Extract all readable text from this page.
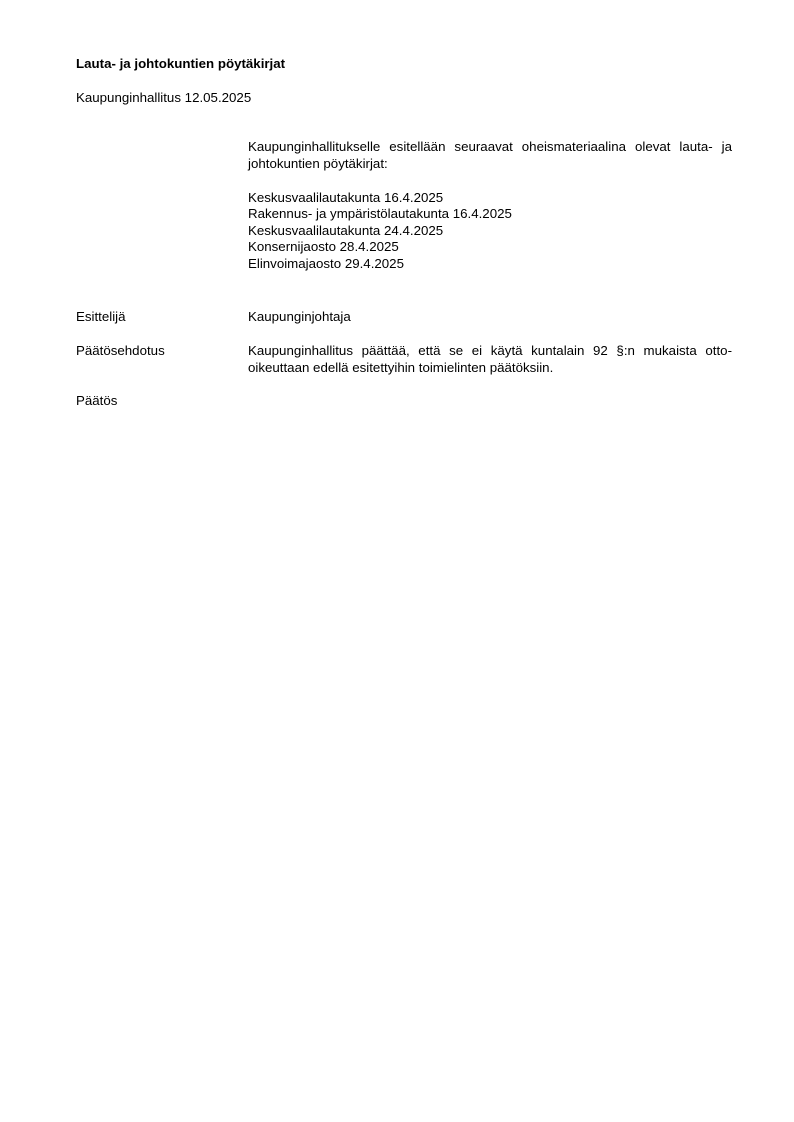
Lauta- ja johtokuntien pöytäkirjat
Kaupunginhallitus 12.05.2025

Kaupunginhallitukselle esitellään seuraavat oheismateriaalina olevat lauta- ja johtokuntien pöytäkirjat:

Keskusvaalilautakunta 16.4.2025
Rakennus- ja ympäristölautakunta 16.4.2025
Keskusvaalilautakunta 24.4.2025
Konsernijaosto 28.4.2025
Elinvoimajaosto 29.4.2025
Esittelijä	Kaupunginjohtaja
Päätösehdotus	Kaupunginhallitus päättää, että se ei käytä kuntalain 92 §:n mukaista otto-oikeuttaan edellä esitettyihin toimielinten päätöksiin.
Päätös
